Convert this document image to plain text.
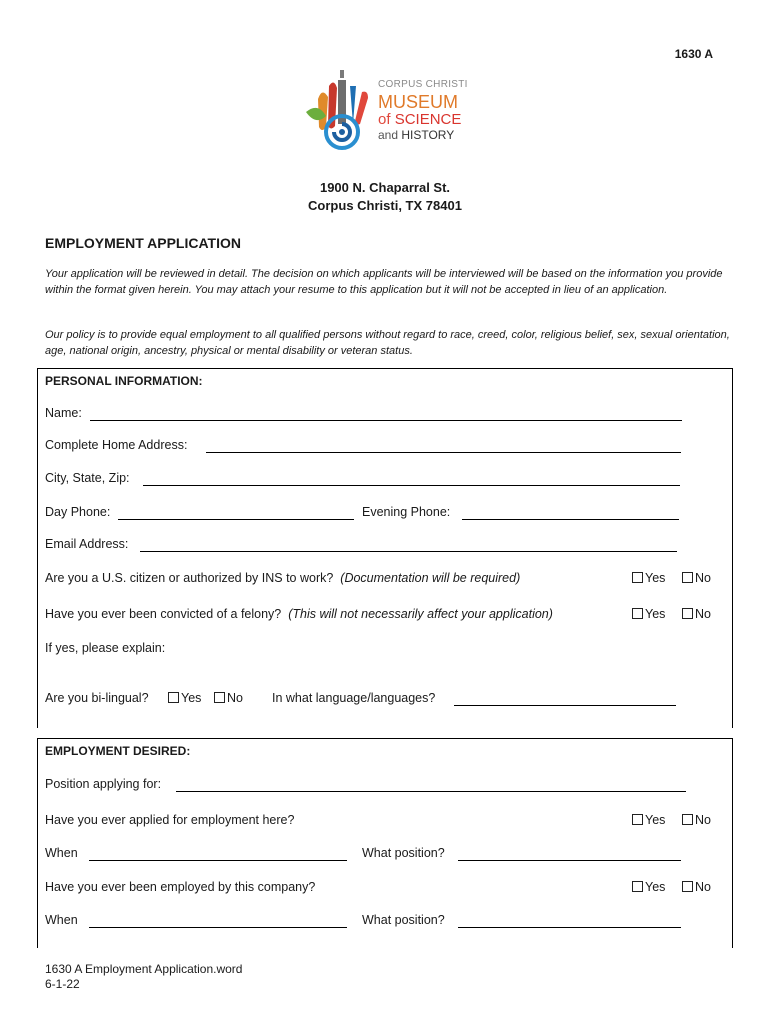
1630 A
CORPUS CHRISTI
MUSEUM
of SCIENCE
and HISTORY
1900 N. Chaparral St.
Corpus Christi, TX 78401
EMPLOYMENT APPLICATION
Your application will be reviewed in detail. The decision on which applicants will be interviewed will be based on the information you provide within the format given herein. You may attach your resume to this application but it will not be accepted in lieu of an application.
Our policy is to provide equal employment to all qualified persons without regard to race, creed, color, religious belief, sex, sexual orientation, age, national origin, ancestry, physical or mental disability or veteran status.
PERSONAL INFORMATION:
Name:
Complete Home Address:
City, State, Zip:
Day Phone:	Evening Phone:
Email Address:
Are you a U.S. citizen or authorized by INS to work? (Documentation will be required)	Yes	No
Have you ever been convicted of a felony? (This will not necessarily affect your application)	Yes	No
If yes, please explain:
Are you bi-lingual?	Yes	No In what language/languages?
EMPLOYMENT DESIRED:
Position applying for:
Have you ever applied for employment here?	Yes	No
When	What position?
Have you ever been employed by this company?	Yes	No
When	What position?
1630 A Employment Application.word
6-1-22
